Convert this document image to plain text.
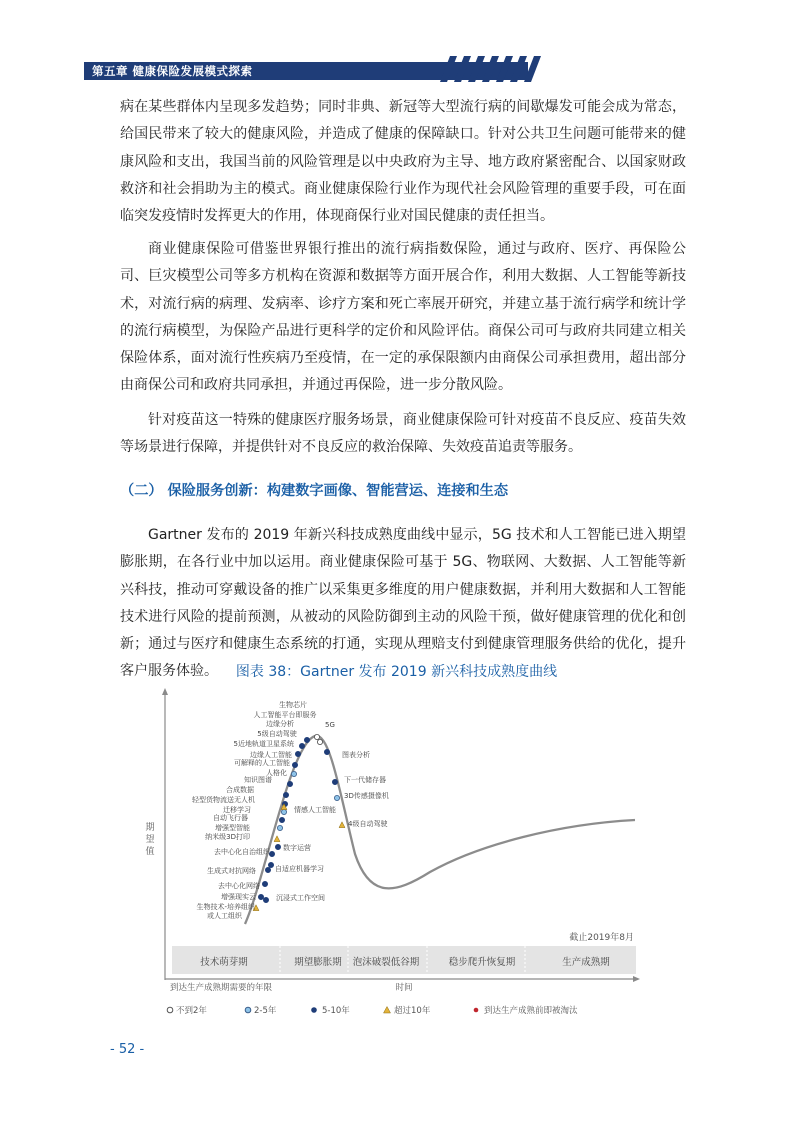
第五章 健康保险发展模式探索

病在某些群体内呈现多发趋势；同时非典、新冠等大型流行病的间歇爆发可能会成为常态，给国民带来了较大的健康风险，并造成了健康的保障缺口。针对公共卫生问题可能带来的健康风险和支出，我国当前的风险管理是以中央政府为主导、地方政府紧密配合、以国家财政救济和社会捐助为主的模式。商业健康保险行业作为现代社会风险管理的重要手段，可在面临突发疫情时发挥更大的作用，体现商保行业对国民健康的责任担当。

商业健康保险可借鉴世界银行推出的流行病指数保险，通过与政府、医疗、再保险公司、巨灾模型公司等多方机构在资源和数据等方面开展合作，利用大数据、人工智能等新技术，对流行病的病理、发病率、诊疗方案和死亡率展开研究，并建立基于流行病学和统计学的流行病模型，为保险产品进行更科学的定价和风险评估。商保公司可与政府共同建立相关保险体系，面对流行性疾病乃至疫情，在一定的承保限额内由商保公司承担费用，超出部分由商保公司和政府共同承担，并通过再保险，进一步分散风险。

针对疫苗这一特殊的健康医疗服务场景，商业健康保险可针对疫苗不良反应、疫苗失效等场景进行保障，并提供针对不良反应的救治保障、失效疫苗追责等服务。

（二） 保险服务创新：构建数字画像、智能营运、连接和生态

Gartner 发布的 2019 年新兴科技成熟度曲线中显示，5G 技术和人工智能已进入期望膨胀期，在各行业中加以运用。商业健康保险可基于 5G、物联网、大数据、人工智能等新兴科技，推动可穿戴设备的推广以采集更多维度的用户健康数据，并利用大数据和人工智能技术进行风险的提前预测，从被动的风险防御到主动的风险干预，做好健康管理的优化和创新；通过与医疗和健康生态系统的打通，实现从理赔支付到健康管理服务供给的优化，提升客户服务体验。	图表 38：Gartner 发布 2019 新兴科技成熟度曲线
期
望
值
技术萌芽期	期望膨胀期 泡沫破裂低谷期	稳步爬升恢复期	生产成熟期
截止2019年8月
到达生产成熟期需要的年限	时间
生物芯片
人工智能平台即服务
边缘分析
5级自动驾驶
5近地轨道卫星系统
边缘人工智能
可解释的人工智能
人格化
知识图谱
合成数据
轻型货物流送无人机
迁移学习
自动飞行器
增强型智能
纳米级3D打印
去中心化自治组织
生成式对抗网络
去中心化网络
增强现实云
生物技术-培养组织
或人工组织
5G
图表分析
下一代储存器
3D传感摄像机
情感人工智能
4级自动驾驶
数字运营
自适应机器学习
沉浸式工作空间
不到2年	2-5年	5-10年	超过10年	到达生产成熟前即被淘汰
- 52 -
